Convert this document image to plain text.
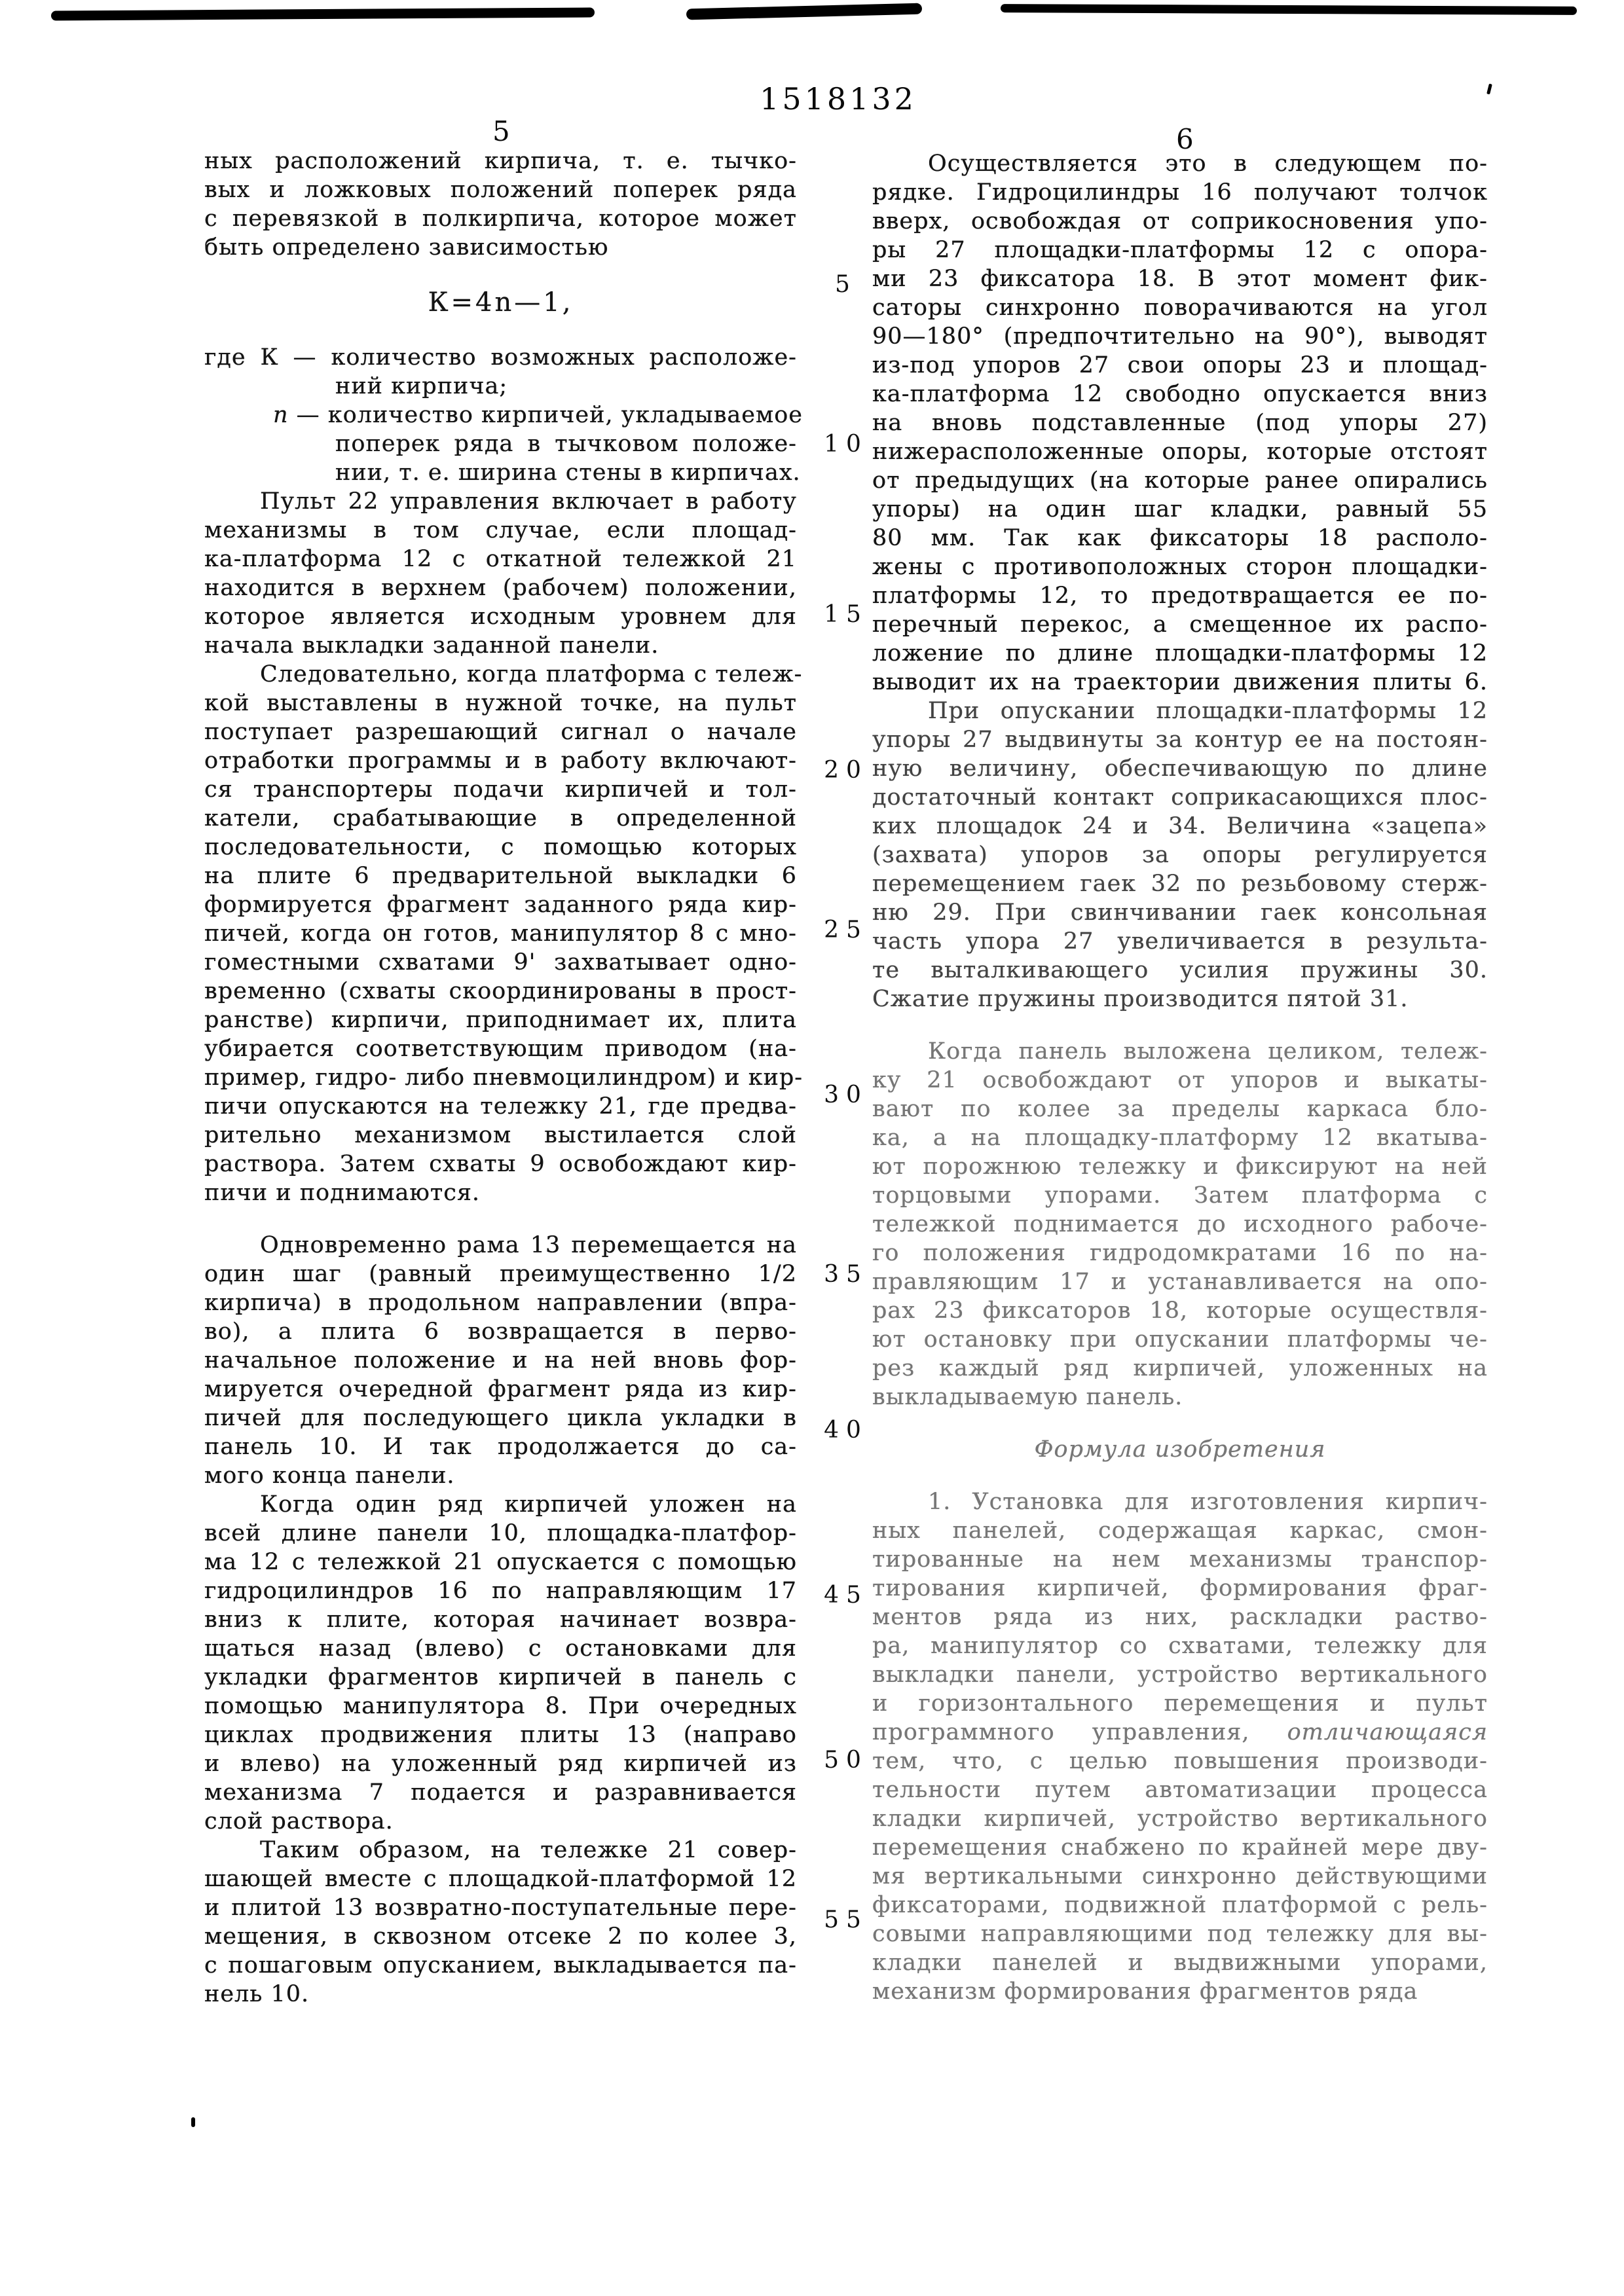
1518132
5	6
5
10
15
20
25
30
35
40
45
50
55
ных расположений кирпича, т. е. тычко-
вых и ложковых положений поперек ряда
с перевязкой в полкирпича, которое может
быть определено зависимостью
К=4n—1,
где К — количество возможных расположе-
ний кирпича;
n — количество кирпичей, укладываемое
поперек ряда в тычковом положе-
нии, т. е. ширина стены в кирпичах.
Пульт 22 управления включает в работу
механизмы в том случае, если площад-
ка-платформа 12 с откатной тележкой 21
находится в верхнем (рабочем) положении,
которое является исходным уровнем для
начала выкладки заданной панели.
Следовательно, когда платформа с тележ-
кой выставлены в нужной точке, на пульт
поступает разрешающий сигнал о начале
отработки программы и в работу включают-
ся транспортеры подачи кирпичей и тол-
катели, срабатывающие в определенной
последовательности, с помощью которых
на плите 6 предварительной выкладки 6
формируется фрагмент заданного ряда кир-
пичей, когда он готов, манипулятор 8 с мно-
гоместными схватами 9' захватывает одно-
временно (схваты скоординированы в прост-
ранстве) кирпичи, приподнимает их, плита
убирается соответствующим приводом (на-
пример, гидро- либо пневмоцилиндром) и кир-
пичи опускаются на тележку 21, где предва-
рительно механизмом выстилается слой
раствора. Затем схваты 9 освобождают кир-
пичи и поднимаются.
Одновременно рама 13 перемещается на
один шаг (равный преимущественно 1/2
кирпича) в продольном направлении (впра-
во), а плита 6 возвращается в перво-
начальное положение и на ней вновь фор-
мируется очередной фрагмент ряда из кир-
пичей для последующего цикла укладки в
панель 10. И так продолжается до са-
мого конца панели.
Когда один ряд кирпичей уложен на
всей длине панели 10, площадка-платфор-
ма 12 с тележкой 21 опускается с помощью
гидроцилиндров 16 по направляющим 17
вниз к плите, которая начинает возвра-
щаться назад (влево) с остановками для
укладки фрагментов кирпичей в панель с
помощью манипулятора 8. При очередных
циклах продвижения плиты 13 (направо
и влево) на уложенный ряд кирпичей из
механизма 7 подается и разравнивается
слой раствора.
Таким образом, на тележке 21 совер-
шающей вместе с площадкой-платформой 12
и плитой 13 возвратно-поступательные пере-
мещения, в сквозном отсеке 2 по колее 3,
с пошаговым опусканием, выкладывается па-
нель 10.
Осуществляется это в следующем по-
рядке. Гидроцилиндры 16 получают толчок
вверх, освобождая от соприкосновения упо-
ры 27 площадки-платформы 12 с опора-
ми 23 фиксатора 18. В этот момент фик-
саторы синхронно поворачиваются на угол
90—180° (предпочтительно на 90°), выводят
из-под упоров 27 свои опоры 23 и площад-
ка-платформа 12 свободно опускается вниз
на вновь подставленные (под упоры 27)
нижерасположенные опоры, которые отстоят
от предыдущих (на которые ранее опирались
упоры) на один шаг кладки, равный 55
80 мм. Так как фиксаторы 18 располо-
жены с противоположных сторон площадки-
платформы 12, то предотвращается ее по-
перечный перекос, а смещенное их распо-
ложение по длине площадки-платформы 12
выводит их на траектории движения плиты 6.
При опускании площадки-платформы 12
упоры 27 выдвинуты за контур ее на постоян-
ную величину, обеспечивающую по длине
достаточный контакт соприкасающихся плос-
ких площадок 24 и 34. Величина «зацепа»
(захвата) упоров за опоры регулируется
перемещением гаек 32 по резьбовому стерж-
ню 29. При свинчивании гаек консольная
часть упора 27 увеличивается в результа-
те выталкивающего усилия пружины 30.
Сжатие пружины производится пятой 31.
Когда панель выложена целиком, тележ-
ку 21 освобождают от упоров и выкаты-
вают по колее за пределы каркаса бло-
ка, а на площадку-платформу 12 вкатыва-
ют порожнюю тележку и фиксируют на ней
торцовыми упорами. Затем платформа с
тележкой поднимается до исходного рабоче-
го положения гидродомкратами 16 по на-
правляющим 17 и устанавливается на опо-
рах 23 фиксаторов 18, которые осуществля-
ют остановку при опускании платформы че-
рез каждый ряд кирпичей, уложенных на
выкладываемую панель.
Формула изобретения
1. Установка для изготовления кирпич-
ных панелей, содержащая каркас, смон-
тированные на нем механизмы транспор-
тирования кирпичей, формирования фраг-
ментов ряда из них, раскладки раство-
ра, манипулятор со схватами, тележку для
выкладки панели, устройство вертикального
и горизонтального перемещения и пульт
программного управления, отличающаяся
тем, что, с целью повышения производи-
тельности путем автоматизации процесса
кладки кирпичей, устройство вертикального
перемещения снабжено по крайней мере дву-
мя вертикальными синхронно действующими
фиксаторами, подвижной платформой с рель-
совыми направляющими под тележку для вы-
кладки панелей и выдвижными упорами,
механизм формирования фрагментов ряда
